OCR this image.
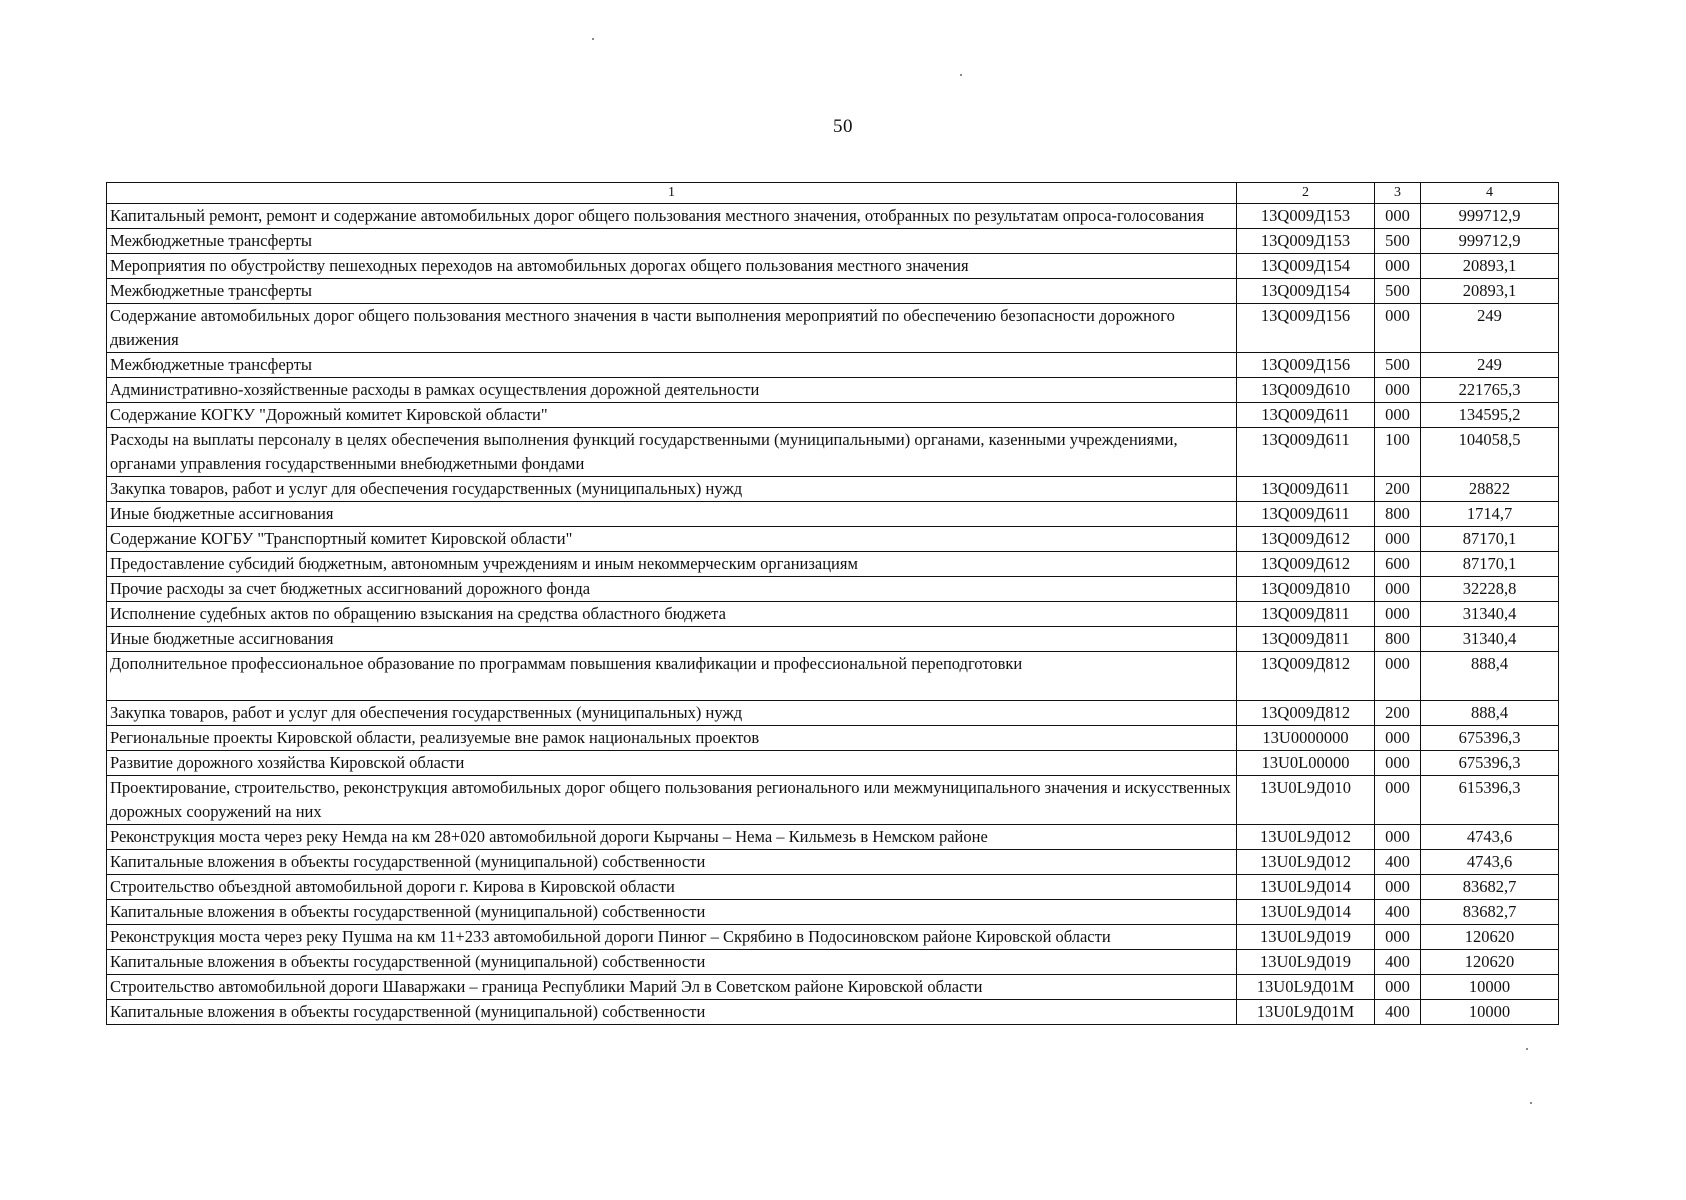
50
1	2	3	4
Капитальный ремонт, ремонт и содержание автомобильных дорог общего пользования местного значения, отобранных по результатам опроса-голосования	13Q009Д153	000	999712,9
Межбюджетные трансферты	13Q009Д153	500	999712,9
Мероприятия по обустройству пешеходных переходов на автомобильных дорогах общего пользования местного значения	13Q009Д154	000	20893,1
Межбюджетные трансферты	13Q009Д154	500	20893,1
Содержание автомобильных дорог общего пользования местного значения в части выполнения мероприятий по обеспечению безопасности дорожного движения	13Q009Д156	000	249
Межбюджетные трансферты	13Q009Д156	500	249
Административно-хозяйственные расходы в рамках осуществления дорожной деятельности	13Q009Д610	000	221765,3
Содержание КОГКУ "Дорожный комитет Кировской области"	13Q009Д611	000	134595,2
Расходы на выплаты персоналу в целях обеспечения выполнения функций государственными (муниципальными) органами, казенными учреждениями, органами управления государственными внебюджетными фондами	13Q009Д611	100	104058,5
Закупка товаров, работ и услуг для обеспечения государственных (муниципальных) нужд	13Q009Д611	200	28822
Иные бюджетные ассигнования	13Q009Д611	800	1714,7
Содержание КОГБУ "Транспортный комитет Кировской области"	13Q009Д612	000	87170,1
Предоставление субсидий бюджетным, автономным учреждениям и иным некоммерческим организациям	13Q009Д612	600	87170,1
Прочие расходы за счет бюджетных ассигнований дорожного фонда	13Q009Д810	000	32228,8
Исполнение судебных актов по обращению взыскания на средства областного бюджета	13Q009Д811	000	31340,4
Иные бюджетные ассигнования	13Q009Д811	800	31340,4
Дополнительное профессиональное образование по программам повышения квалификации и профессиональной переподготовки	13Q009Д812	000	888,4
Закупка товаров, работ и услуг для обеспечения государственных (муниципальных) нужд	13Q009Д812	200	888,4
Региональные проекты Кировской области, реализуемые вне рамок национальных проектов	13U0000000	000	675396,3
Развитие дорожного хозяйства Кировской области	13U0L00000	000	675396,3
Проектирование, строительство, реконструкция автомобильных дорог общего пользования регионального или межмуниципального значения и искусственных дорожных сооружений на них	13U0L9Д010	000	615396,3
Реконструкция моста через реку Немда на км 28+020 автомобильной дороги Кырчаны – Нема – Кильмезь в Немском районе	13U0L9Д012	000	4743,6
Капитальные вложения в объекты государственной (муниципальной) собственности	13U0L9Д012	400	4743,6
Строительство объездной автомобильной дороги г. Кирова в Кировской области	13U0L9Д014	000	83682,7
Капитальные вложения в объекты государственной (муниципальной) собственности	13U0L9Д014	400	83682,7
Реконструкция моста через реку Пушма на км 11+233 автомобильной дороги Пинюг – Скрябино в Подосиновском районе Кировской области	13U0L9Д019	000	120620
Капитальные вложения в объекты государственной (муниципальной) собственности	13U0L9Д019	400	120620
Строительство автомобильной дороги Шаваржаки – граница Республики Марий Эл в Советском районе Кировской области	13U0L9Д01М	000	10000
Капитальные вложения в объекты государственной (муниципальной) собственности	13U0L9Д01М	400	10000
